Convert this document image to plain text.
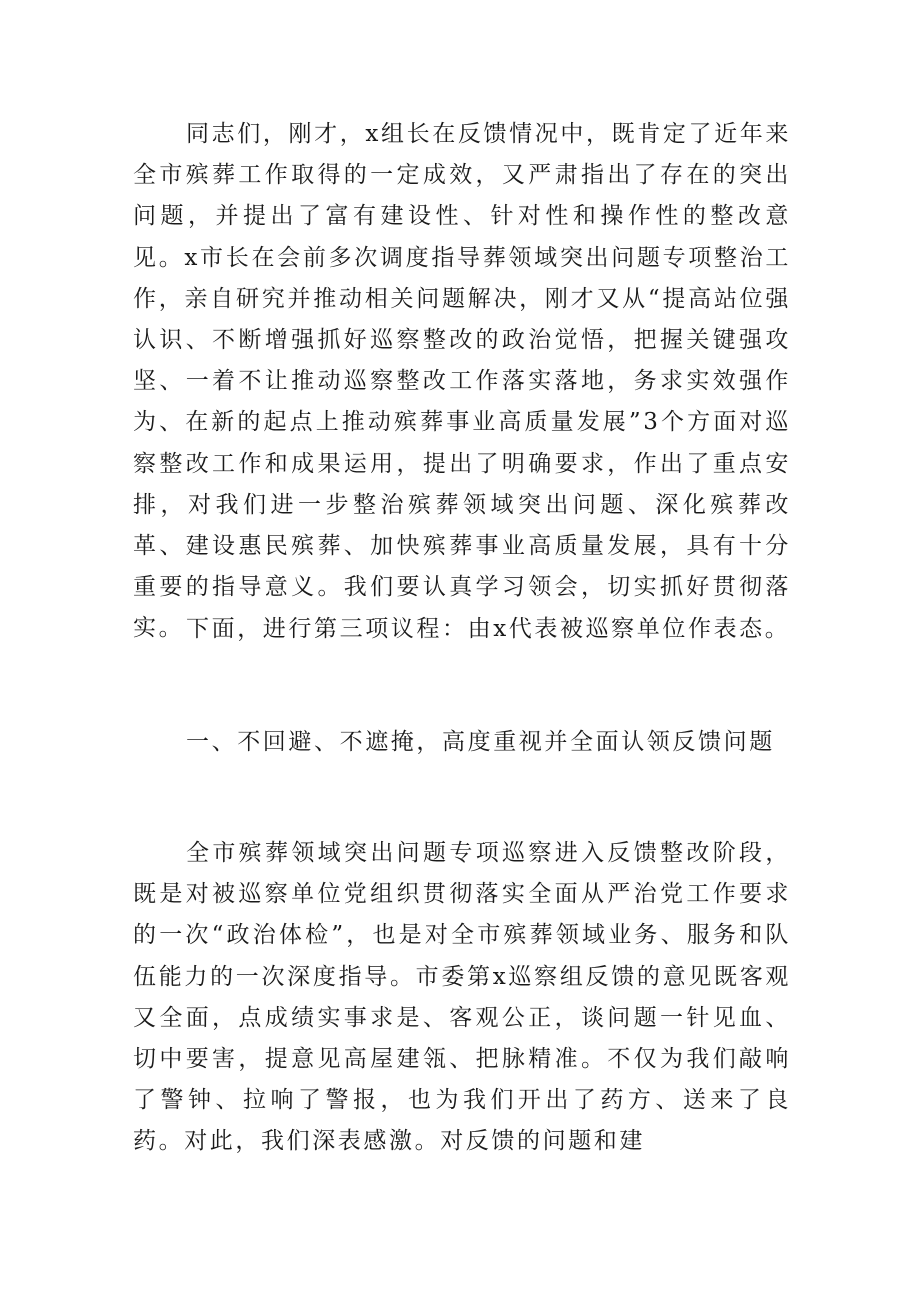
同志们，刚才，x组长在反馈情况中，既肯定了近年来全市殡葬工作取得的一定成效，又严肃指出了存在的突出问题，并提出了富有建设性、针对性和操作性的整改意见。x市长在会前多次调度指导葬领域突出问题专项整治工作，亲自研究并推动相关问题解决，刚才又从“提高站位强认识、不断增强抓好巡察整改的政治觉悟，把握关键强攻坚、一着不让推动巡察整改工作落实落地，务求实效强作为、在新的起点上推动殡葬事业高质量发展”3个方面对巡察整改工作和成果运用，提出了明确要求，作出了重点安排，对我们进一步整治殡葬领域突出问题、深化殡葬改革、建设惠民殡葬、加快殡葬事业高质量发展，具有十分重要的指导意义。我们要认真学习领会，切实抓好贯彻落实。 下面，进行第三项议程：由x代表被巡察单位作表态。

一、不回避、不遮掩，高度重视并全面认领反馈问题

全市殡葬领域突出问题专项巡察进入反馈整改阶段，既是对被巡察单位党组织贯彻落实全面从严治党工作要求的一次“政治体检”，也是对全市殡葬领域业务、服务和队伍能力的一次深度指导。市委第x巡察组反馈的意见既客观又全面，点成绩实事求是、客观公正，谈问题一针见血、切中要害，提意见高屋建瓴、把脉精准。不仅为我们敲响了警钟、拉响了警报，也为我们开出了药方、送来了良药。对此，我们深表感激。对反馈的问题和建
